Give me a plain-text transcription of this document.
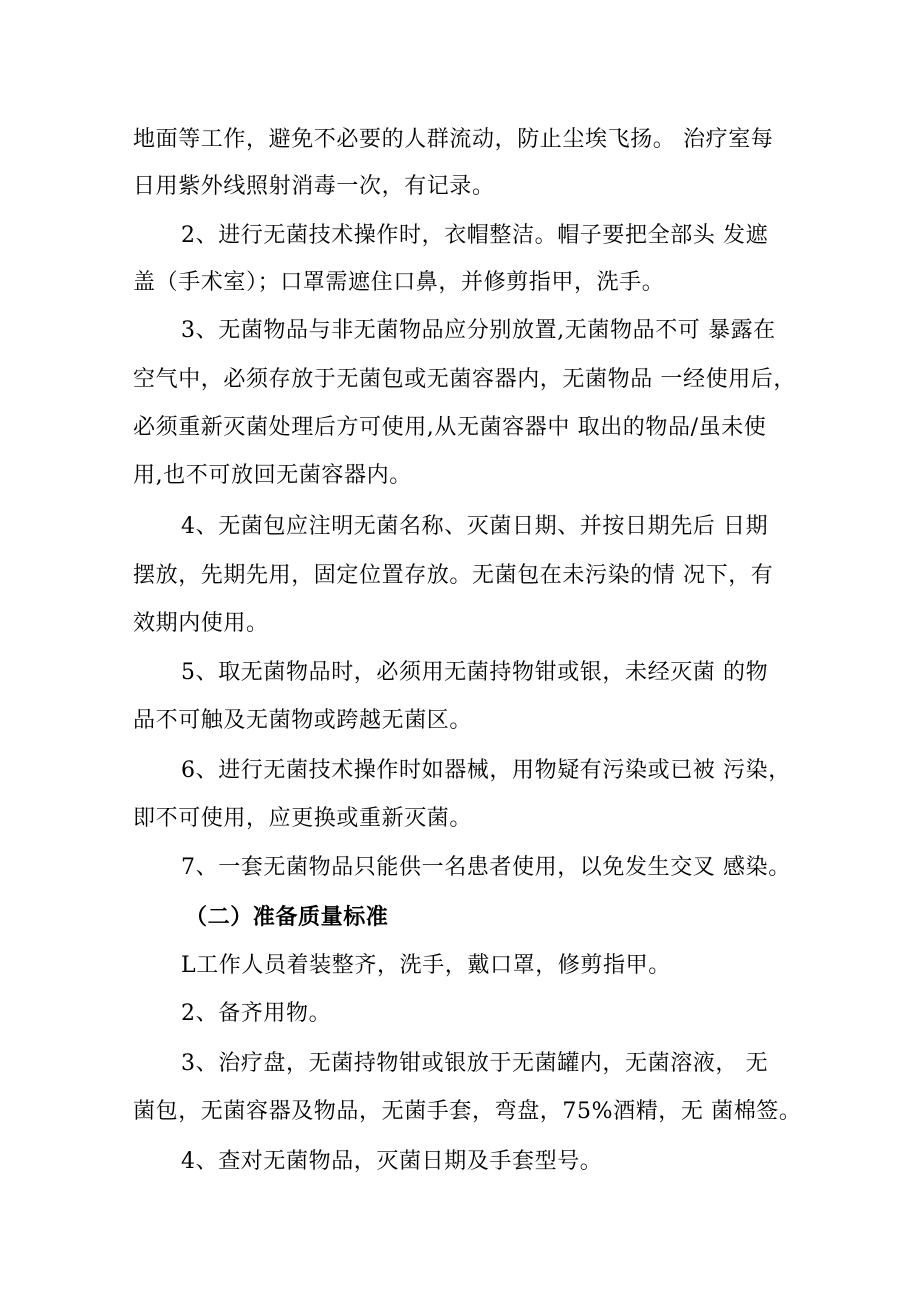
地面等工作，避免不必要的人群流动，防止尘埃飞扬。 治疗室每
日用紫外线照射消毒一次，有记录。
2、进行无菌技术操作时，衣帽整洁。帽子要把全部头 发遮
盖（手术室）；口罩需遮住口鼻，并修剪指甲，洗手。
3、无菌物品与非无菌物品应分别放置,无菌物品不可 暴露在
空气中，必须存放于无菌包或无菌容器内，无菌物品 一经使用后，
必须重新灭菌处理后方可使用,从无菌容器中 取出的物品/虽未使
用,也不可放回无菌容器内。
4、无菌包应注明无菌名称、灭菌日期、并按日期先后 日期
摆放，先期先用，固定位置存放。无菌包在未污染的情 况下，有
效期内使用。
5、取无菌物品时，必须用无菌持物钳或银，未经灭菌 的物
品不可触及无菌物或跨越无菌区。
6、进行无菌技术操作时如器械，用物疑有污染或已被 污染，
即不可使用，应更换或重新灭菌。
7、一套无菌物品只能供一名患者使用，以免发生交叉 感染。
（二）准备质量标准
L工作人员着装整齐，洗手，戴口罩，修剪指甲。
2、备齐用物。
3、治疗盘，无菌持物钳或银放于无菌罐内，无菌溶液， 无
菌包，无菌容器及物品，无菌手套，弯盘，75%酒精，无 菌棉签。
4、查对无菌物品，灭菌日期及手套型号。
